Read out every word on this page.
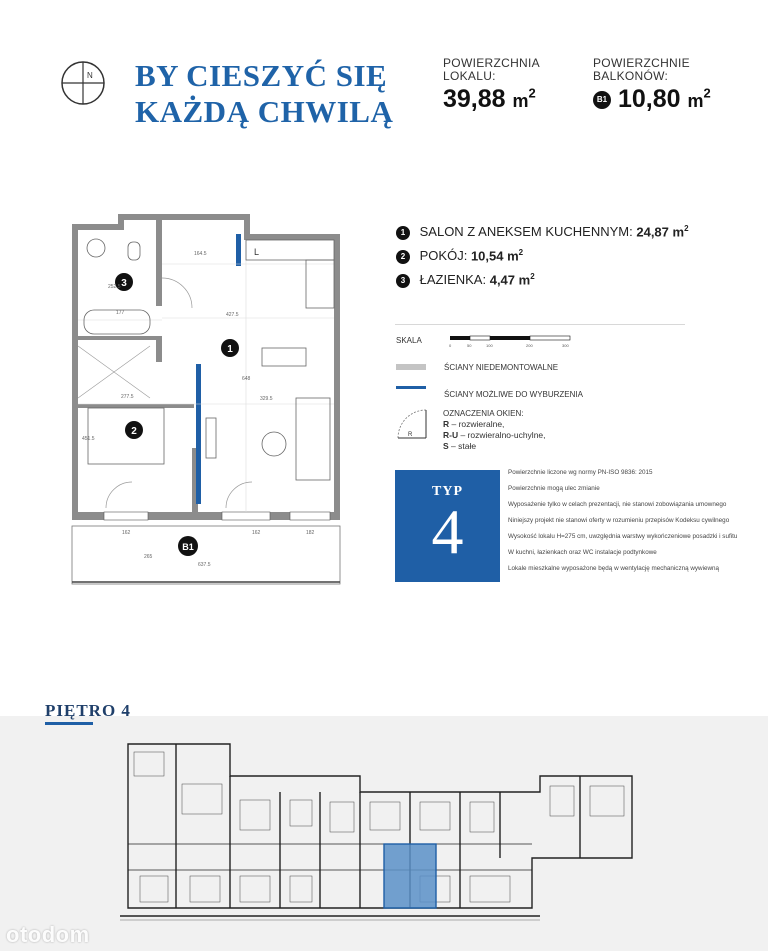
N BY CIESZYĆ SIĘ
KAŻDĄ CHWILĄ
POWIERZCHNIA
LOKALU:
39,88 $m^2$
POWIERZCHNIE
BALKONÓW:
B1 10,80 $m^2$
L
3
1
2
B1
164.5
427.5
177
252.5
277.5	329.5
451.5
648
637.5
265
162	162	182
1 SALON Z ANEKSEM KUCHENNYM: 24,87 $m^2$
2 POKÓJ: 10,54 $m^2$
3 ŁAZIENKA: 4,47 $m^2$
SKALA
0	50	100	200	300
ŚCIANY NIEDEMONTOWALNE
ŚCIANY MOŻLIWE DO WYBURZENIA
R
OZNACZENIA OKIEN:
R – rozwieralne,
R-U – rozwieralno-uchylne,
S – stałe
TYP
4
Powierzchnie liczone wg normy PN-ISO 9836: 2015
Powierzchnie mogą ulec zmianie
Wyposażenie tylko w celach prezentacji, nie stanowi zobowiązania umownego
Niniejszy projekt nie stanowi oferty w rozumieniu przepisów Kodeksu cywilnego
Wysokość lokalu H=275 cm, uwzględnia warstwy wykończeniowe posadzki i sufitu
W kuchni, łazienkach oraz WC instalacje podtynkowe
Lokale mieszkalne wyposażone będą w wentylację mechaniczną wywiewną
PIĘTRO 4
otodom
